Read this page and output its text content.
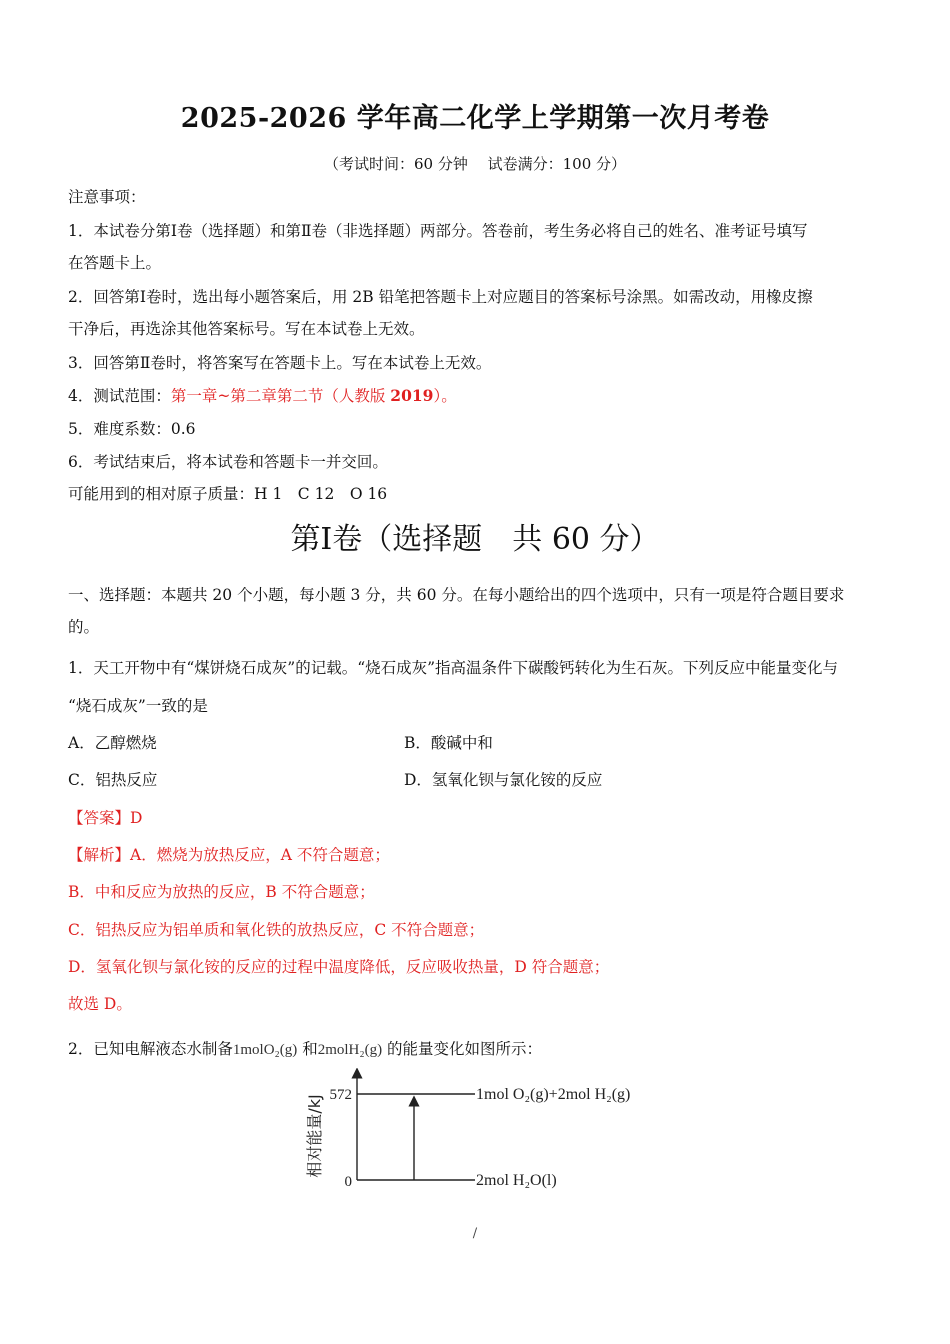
2025-2026 学年高二化学上学期第一次月考卷
（考试时间：60 分钟　 试卷满分：100 分）
注意事项：
1．本试卷分第Ⅰ卷（选择题）和第Ⅱ卷（非选择题）两部分。答卷前，考生务必将自己的姓名、准考证号填写
在答题卡上。
2．回答第Ⅰ卷时，选出每小题答案后，用 2B 铅笔把答题卡上对应题目的答案标号涂黑。如需改动，用橡皮擦
干净后，再选涂其他答案标号。写在本试卷上无效。
3．回答第Ⅱ卷时，将答案写在答题卡上。写在本试卷上无效。
4．测试范围：第一章~第二章第二节（人教版 2019）。
5．难度系数：0.6
6．考试结束后，将本试卷和答题卡一并交回。
可能用到的相对原子质量：H 1　C 12　O 16
第Ⅰ卷（选择题　共 60 分）
一、选择题：本题共 20 个小题，每小题 3 分，共 60 分。在每小题给出的四个选项中，只有一项是符合题目要求
的。
1．天工开物中有“煤饼烧石成灰”的记载。“烧石成灰”指高温条件下碳酸钙转化为生石灰。下列反应中能量变化与
“烧石成灰”一致的是
A．乙醇燃烧	B．酸碱中和
C．铝热反应	D．氢氧化钡与氯化铵的反应
【答案】D
【解析】A．燃烧为放热反应，A 不符合题意；
B．中和反应为放热的反应，B 不符合题意；
C．铝热反应为铝单质和氧化铁的放热反应，C 不符合题意；
D．氢氧化钡与氯化铵的反应的过程中温度降低，反应吸收热量，D 符合题意；
故选 D。
2．已知电解液态水制备1molO₂(g) 和2molH₂(g) 的能量变化如图所示：
相对能量/kJ 572
0
1mol O₂(g)+2mol H₂(g)
2mol H₂O(l)
/
